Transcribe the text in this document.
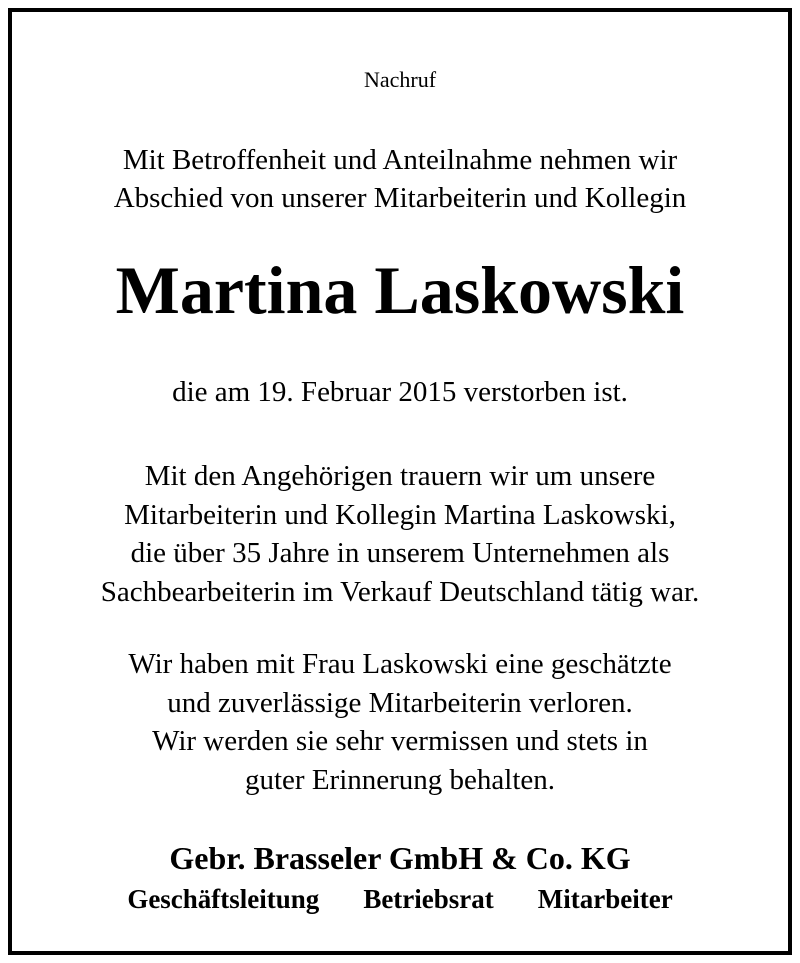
Nachruf
Mit Betroffenheit und Anteilnahme nehmen wir
Abschied von unserer Mitarbeiterin und Kollegin
Martina Laskowski
die am 19. Februar 2015 verstorben ist.
Mit den Angehörigen trauern wir um unsere
Mitarbeiterin und Kollegin Martina Laskowski,
die über 35 Jahre in unserem Unternehmen als
Sachbearbeiterin im Verkauf Deutschland tätig war.
Wir haben mit Frau Laskowski eine geschätzte
und zuverlässige Mitarbeiterin verloren.
Wir werden sie sehr vermissen und stets in
guter Erinnerung behalten.
Gebr. Brasseler GmbH & Co. KG
Geschäftsleitung Betriebsrat Mitarbeiter
